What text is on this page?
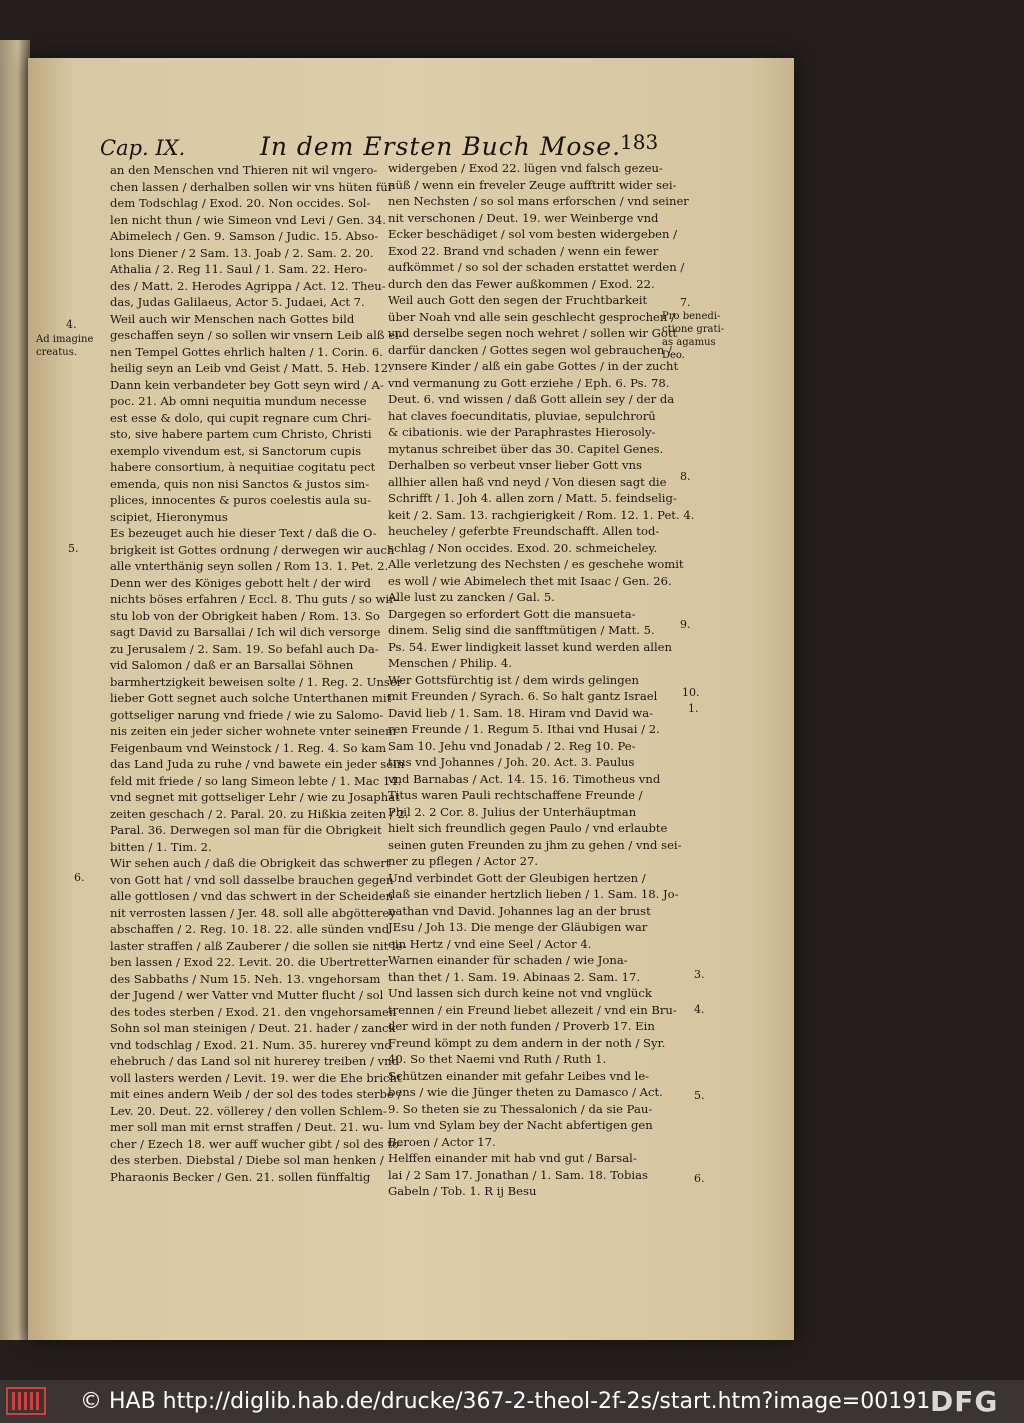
Cap. IX.	In dem Ersten Buch Mose.
183
an den Menschen vnd Thieren nit wil vngero-
chen lassen / derhalben sollen wir vns hüten für
dem Todschlag / Exod. 20. Non occides. Sol-
len nicht thun / wie Simeon vnd Levi / Gen. 34.
Abimelech / Gen. 9. Samson / Judic. 15. Abso-
lons Diener / 2 Sam. 13. Joab / 2. Sam. 2. 20.
Athalia / 2. Reg 11. Saul / 1. Sam. 22. Hero-
des / Matt. 2. Herodes Agrippa / Act. 12. Theu-
das, Judas Galilaeus, Actor 5. Judaei, Act 7.
Weil auch wir Menschen nach Gottes bild
geschaffen seyn / so sollen wir vnsern Leib alß ei-
nen Tempel Gottes ehrlich halten / 1. Corin. 6.
heilig seyn an Leib vnd Geist / Matt. 5. Heb. 12.
Dann kein verbandeter bey Gott seyn wird / A-
poc. 21. Ab omni nequitia mundum necesse
est esse & dolo, qui cupit regnare cum Chri-
sto, sive habere partem cum Christo, Christi
exemplo vivendum est, si Sanctorum cupis
habere consortium, à nequitiae cogitatu pect
emenda, quis non nisi Sanctos & justos sim-
plices, innocentes & puros coelestis aula su-
scipiet, Hieronymus
Es bezeuget auch hie dieser Text / daß die O-
brigkeit ist Gottes ordnung / derwegen wir auch
alle vnterthänig seyn sollen / Rom 13. 1. Pet. 2.
Denn wer des Königes gebott helt / der wird
nichts böses erfahren / Eccl. 8. Thu guts / so wir-
stu lob von der Obrigkeit haben / Rom. 13. So
sagt David zu Barsallai / Ich wil dich versorge
zu Jerusalem / 2. Sam. 19. So befahl auch Da-
vid Salomon / daß er an Barsallai Söhnen
barmhertzigkeit beweisen solte / 1. Reg. 2. Unser
lieber Gott segnet auch solche Unterthanen mit
gottseliger narung vnd friede / wie zu Salomo-
nis zeiten ein jeder sicher wohnete vnter seinem
Feigenbaum vnd Weinstock / 1. Reg. 4. So kam
das Land Juda zu ruhe / vnd bawete ein jeder sein
feld mit friede / so lang Simeon lebte / 1. Mac 14.
vnd segnet mit gottseliger Lehr / wie zu Josaphat
zeiten geschach / 2. Paral. 20. zu Hißkia zeiten / 2.
Paral. 36. Derwegen sol man für die Obrigkeit
bitten / 1. Tim. 2.
Wir sehen auch / daß die Obrigkeit das schwert
von Gott hat / vnd soll dasselbe brauchen gegen
alle gottlosen / vnd das schwert in der Scheiden
nit verrosten lassen / Jer. 48. soll alle abgötterey
abschaffen / 2. Reg. 10. 18. 22. alle sünden vnd
laster straffen / alß Zauberer / die sollen sie nit le-
ben lassen / Exod 22. Levit. 20. die Ubertretter
des Sabbaths / Num 15. Neh. 13. vngehorsam
der Jugend / wer Vatter vnd Mutter flucht / sol
des todes sterben / Exod. 21. den vngehorsamen
Sohn sol man steinigen / Deut. 21. hader / zanck
vnd todschlag / Exod. 21. Num. 35. hurerey vnd
ehebruch / das Land sol nit hurerey treiben / vnd
voll lasters werden / Levit. 19. wer die Ehe bricht
mit eines andern Weib / der sol des todes sterbe /
Lev. 20. Deut. 22. völlerey / den vollen Schlem-
mer soll man mit ernst straffen / Deut. 21. wu-
cher / Ezech 18. wer auff wucher gibt / sol des to-
des sterben. Diebstal / Diebe sol man henken /
Pharaonis Becker / Gen. 21. sollen fünffaltig
widergeben / Exod 22. lügen vnd falsch gezeu-
nüß / wenn ein freveler Zeuge aufftritt wider sei-
nen Nechsten / so sol mans erforschen / vnd seiner
nit verschonen / Deut. 19. wer Weinberge vnd
Ecker beschädiget / sol vom besten widergeben /
Exod 22. Brand vnd schaden / wenn ein fewer
aufkömmet / so sol der schaden erstattet werden /
durch den das Fewer außkommen / Exod. 22.
Weil auch Gott den segen der Fruchtbarkeit
über Noah vnd alle sein geschlecht gesprochen /
vnd derselbe segen noch wehret / sollen wir Gott
darfür dancken / Gottes segen wol gebrauchen /
vnsere Kinder / alß ein gabe Gottes / in der zucht
vnd vermanung zu Gott erziehe / Eph. 6. Ps. 78.
Deut. 6. vnd wissen / daß Gott allein sey / der da
hat claves foecunditatis, pluviae, sepulchrorū
& cibationis. wie der Paraphrastes Hierosoly-
mytanus schreibet über das 30. Capitel Genes.
Derhalben so verbeut vnser lieber Gott vns
allhier allen haß vnd neyd / Von diesen sagt die
Schrifft / 1. Joh 4. allen zorn / Matt. 5. feindselig-
keit / 2. Sam. 13. rachgierigkeit / Rom. 12. 1. Pet. 4.
heucheley / geferbte Freundschafft. Allen tod-
schlag / Non occides. Exod. 20. schmeicheley.
Alle verletzung des Nechsten / es geschehe womit
es woll / wie Abimelech thet mit Isaac / Gen. 26.
Alle lust zu zancken / Gal. 5.
Dargegen so erfordert Gott die mansueta-
dinem. Selig sind die sanfftmütigen / Matt. 5.
Ps. 54. Ewer lindigkeit lasset kund werden allen
Menschen / Philip. 4.
Wer Gottsfürchtig ist / dem wirds gelingen
mit Freunden / Syrach. 6. So halt gantz Israel
David lieb / 1. Sam. 18. Hiram vnd David wa-
ren Freunde / 1. Regum 5. Ithai vnd Husai / 2.
Sam 10. Jehu vnd Jonadab / 2. Reg 10. Pe-
trus vnd Johannes / Joh. 20. Act. 3. Paulus
vnd Barnabas / Act. 14. 15. 16. Timotheus vnd
Titus waren Pauli rechtschaffene Freunde /
Phil 2. 2 Cor. 8. Julius der Unterhäuptman
hielt sich freundlich gegen Paulo / vnd erlaubte
seinen guten Freunden zu jhm zu gehen / vnd sei-
ner zu pflegen / Actor 27.
Und verbindet Gott der Gleubigen hertzen /
daß sie einander hertzlich lieben / 1. Sam. 18. Jo-
nathan vnd David. Johannes lag an der brust
JEsu / Joh 13. Die menge der Gläubigen war
ein Hertz / vnd eine Seel / Actor 4.
Warnen einander für schaden / wie Jona-
than thet / 1. Sam. 19. Abinaas 2. Sam. 17.
Und lassen sich durch keine not vnd vnglück
trennen / ein Freund liebet allezeit / vnd ein Bru-
der wird in der noth funden / Proverb 17. Ein
Freund kömpt zu dem andern in der noth / Syr.
40. So thet Naemi vnd Ruth / Ruth 1.
Schützen einander mit gefahr Leibes vnd le-
bens / wie die Jünger theten zu Damasco / Act.
9. So theten sie zu Thessalonich / da sie Pau-
lum vnd Sylam bey der Nacht abfertigen gen
Beroen / Actor 17.
Helffen einander mit hab vnd gut / Barsal-
lai / 2 Sam 17. Jonathan / 1. Sam. 18. Tobias
Gabeln / Tob. 1. R ij Besu
4.
Ad imagine
creatus.
5.
6.
7.
Pro benedi-
ctione grati-
as agamus
Deo.
8.
9.
10.
1.
3.
4.
5.
6.
© HAB http://diglib.hab.de/drucke/367-2-theol-2f-2s/start.htm?image=00191 DFG
